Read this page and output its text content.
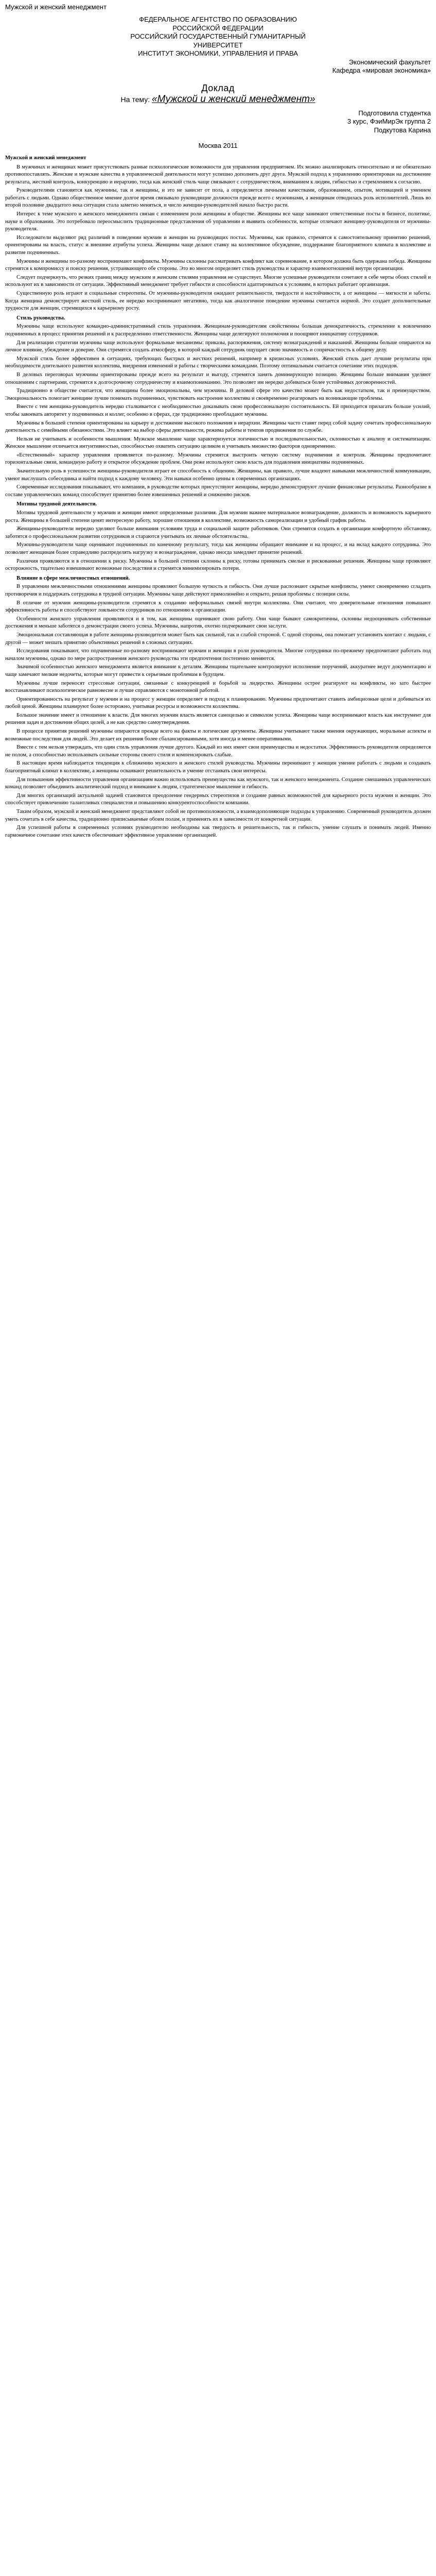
Мужской и женский менеджмент
ФЕДЕРАЛЬНОЕ АГЕНТСТВО ПО ОБРАЗОВАНИЮ
РОССИЙСКОЙ ФЕДЕРАЦИИ
РОССИЙСКИЙ ГОСУДАРСТВЕННЫЙ ГУМАНИТАРНЫЙ
УНИВЕРСИТЕТ
ИНСТИТУТ ЭКОНОМИКИ, УПРАВЛЕНИЯ И ПРАВА
Экономический факультет
Кафедра «мировая экономика»
Доклад
На тему: «Мужской и женский менеджмент»
Подготовила студентка
3 курс, ФэиМирЭк группа 2
Подкутова Карина
Москва 2011
Мужской и женский менеджмент

В мужчинах и женщинах может присутствовать разные психологические возможности для управления предприятием. Их можно анализировать относительно и не обязательно противопоставлять. Женские и мужские качества в управленческой деятельности могут успешно дополнять друг друга. Мужской подход к управлению ориентирован на достижение результата, жесткий контроль, конкуренцию и иерархию, тогда как женский стиль чаще связывают с сотрудничеством, вниманием к людям, гибкостью и стремлением к согласию.

Руководителями становятся как мужчины, так и женщины, и это не зависит от пола, а определяется личными качествами, образованием, опытом, мотивацией и умением работать с людьми. Однако общественное мнение долгое время связывало руководящие должности прежде всего с мужчинами, а женщинам отводилась роль исполнителей. Лишь во второй половине двадцатого века ситуация стала заметно меняться, и число женщин-руководителей начало быстро расти.

Интерес к теме мужского и женского менеджмента связан с изменением роли женщины в обществе. Женщины все чаще занимают ответственные посты в бизнесе, политике, науке и образовании. Это потребовало переосмыслить традиционные представления об управлении и выявить особенности, которые отличают женщину-руководителя от мужчины-руководителя.

Исследователи выделяют ряд различий в поведении мужчин и женщин на руководящих постах. Мужчины, как правило, стремятся к самостоятельному принятию решений, ориентированы на власть, статус и внешние атрибуты успеха. Женщины чаще делают ставку на коллективное обсуждение, поддержание благоприятного климата в коллективе и развитие подчиненных.

Мужчины и женщины по-разному воспринимают конфликты. Мужчины склонны рассматривать конфликт как соревнование, в котором должна быть одержана победа. Женщины стремятся к компромиссу и поиску решения, устраивающего обе стороны. Это во многом определяет стиль руководства и характер взаимоотношений внутри организации.

Следует подчеркнуть, что резких границ между мужским и женским стилями управления не существует. Многие успешные руководители сочетают в себе черты обоих стилей и используют их в зависимости от ситуации. Эффективный менеджмент требует гибкости и способности адаптироваться к условиям, в которых работает организация.

Существенную роль играют и социальные стереотипы. От мужчины-руководителя ожидают решительности, твердости и настойчивости, а от женщины — мягкости и заботы. Когда женщина демонстрирует жесткий стиль, ее нередко воспринимают негативно, тогда как аналогичное поведение мужчины считается нормой. Это создает дополнительные трудности для женщин, стремящихся к карьерному росту.

Стиль руководства.

Мужчины чаще используют командно-административный стиль управления. Женщинам-руководителям свойственны большая демократичность, стремление к вовлечению подчиненных в процесс принятия решений и к распределению ответственности. Женщины чаще делегируют полномочия и поощряют инициативу сотрудников.

Для реализации стратегии мужчины чаще используют формальные механизмы: приказы, распоряжения, систему вознаграждений и наказаний. Женщины больше опираются на личное влияние, убеждение и доверие. Они стремятся создать атмосферу, в которой каждый сотрудник ощущает свою значимость и сопричастность к общему делу.

Мужской стиль более эффективен в ситуациях, требующих быстрых и жестких решений, например в кризисных условиях. Женский стиль дает лучшие результаты при необходимости длительного развития коллектива, внедрения изменений и работы с творческими командами. Поэтому оптимальным считается сочетание этих подходов.

В деловых переговорах мужчины ориентированы прежде всего на результат и выгоду, стремятся занять доминирующую позицию. Женщины больше внимания уделяют отношениям с партнерами, стремятся к долгосрочному сотрудничеству и взаимопониманию. Это позволяет им нередко добиваться более устойчивых договоренностей.

Традиционно в обществе считается, что женщины более эмоциональны, чем мужчины. В деловой сфере это качество может быть как недостатком, так и преимуществом. Эмоциональность помогает женщине лучше понимать подчиненных, чувствовать настроение коллектива и своевременно реагировать на возникающие проблемы.

Вместе с тем женщина-руководитель нередко сталкивается с необходимостью доказывать свою профессиональную состоятельность. Ей приходится прилагать больше усилий, чтобы завоевать авторитет у подчиненных и коллег, особенно в сферах, где традиционно преобладают мужчины.

Мужчины в большей степени ориентированы на карьеру и достижение высокого положения в иерархии. Женщины часто ставят перед собой задачу сочетать профессиональную деятельность с семейными обязанностями. Это влияет на выбор сферы деятельности, режима работы и темпов продвижения по службе.

Нельзя не учитывать и особенности мышления. Мужское мышление чаще характеризуется логичностью и последовательностью, склонностью к анализу и систематизации. Женское мышление отличается интуитивностью, способностью охватить ситуацию целиком и учитывать множество факторов одновременно.

«Естественный» характер управления проявляется по-разному. Мужчины стремятся выстроить четкую систему подчинения и контроля. Женщины предпочитают горизонтальные связи, командную работу и открытое обсуждение проблем. Они реже используют свою власть для подавления инициативы подчиненных.

Значительную роль в успешности женщины-руководителя играет ее способность к общению. Женщины, как правило, лучше владеют навыками межличностной коммуникации, умеют выслушать собеседника и найти подход к каждому человеку. Эти навыки особенно ценны в современных организациях.

Современные исследования показывают, что компании, в руководстве которых присутствуют женщины, нередко демонстрируют лучшие финансовые результаты. Разнообразие в составе управленческих команд способствует принятию более взвешенных решений и снижению рисков.

Мотивы трудовой деятельности.

Мотивы трудовой деятельности у мужчин и женщин имеют определенные различия. Для мужчин важнее материальное вознаграждение, должность и возможность карьерного роста. Женщины в большей степени ценят интересную работу, хорошие отношения в коллективе, возможность самореализации и удобный график работы.

Женщины-руководители нередко уделяют больше внимания условиям труда и социальной защите работников. Они стремятся создать в организации комфортную обстановку, заботятся о профессиональном развитии сотрудников и стараются учитывать их личные обстоятельства.

Мужчины-руководители чаще оценивают подчиненных по конечному результату, тогда как женщины обращают внимание и на процесс, и на вклад каждого сотрудника. Это позволяет женщинам более справедливо распределять нагрузку и вознаграждение, однако иногда замедляет принятие решений.

Различия проявляются и в отношении к риску. Мужчины в большей степени склонны к риску, готовы принимать смелые и рискованные решения. Женщины чаще проявляют осторожность, тщательно взвешивают возможные последствия и стремятся минимизировать потери.

Влияние в сфере межличностных отношений.

В управлении межличностными отношениями женщины проявляют большую чуткость и гибкость. Они лучше распознают скрытые конфликты, умеют своевременно сгладить противоречия и поддержать сотрудника в трудной ситуации. Мужчины чаще действуют прямолинейно и открыто, решая проблемы с позиции силы.

В отличие от мужчин женщины-руководители стремятся к созданию неформальных связей внутри коллектива. Они считают, что доверительные отношения повышают эффективность работы и способствуют лояльности сотрудников по отношению к организации.

Особенности женского управления проявляются и в том, как женщины оценивают свою работу. Они чаще бывают самокритичны, склонны недооценивать собственные достижения и меньше заботятся о демонстрации своего успеха. Мужчины, напротив, охотно подчеркивают свои заслуги.

Эмоциональная составляющая в работе женщины-руководителя может быть как сильной, так и слабой стороной. С одной стороны, она помогает установить контакт с людьми, с другой — может мешать принятию объективных решений в сложных ситуациях.

Исследования показывают, что подчиненные по-разному воспринимают мужчин и женщин в роли руководителя. Многие сотрудники по-прежнему предпочитают работать под началом мужчины, однако по мере распространения женского руководства эти предпочтения постепенно меняются.

Значимой особенностью женского менеджмента является внимание к деталям. Женщины тщательнее контролируют исполнение поручений, аккуратнее ведут документацию и чаще замечают мелкие недочеты, которые могут привести к серьезным проблемам в будущем.

Мужчины лучше переносят стрессовые ситуации, связанные с конкуренцией и борьбой за лидерство. Женщины острее реагируют на конфликты, но зато быстрее восстанавливают психологическое равновесие и лучше справляются с монотонной работой.

Ориентированность на результат у мужчин и на процесс у женщин определяет и подход к планированию. Мужчины предпочитают ставить амбициозные цели и добиваться их любой ценой. Женщины планируют более осторожно, учитывая ресурсы и возможности коллектива.

Большое значение имеет и отношение к власти. Для многих мужчин власть является самоцелью и символом успеха. Женщины чаще воспринимают власть как инструмент для решения задач и достижения общих целей, а не как средство самоутверждения.

В процессе принятия решений мужчины опираются прежде всего на факты и логические аргументы. Женщины учитывают также мнения окружающих, моральные аспекты и возможные последствия для людей. Это делает их решения более сбалансированными, хотя иногда и менее оперативными.

Вместе с тем нельзя утверждать, что один стиль управления лучше другого. Каждый из них имеет свои преимущества и недостатки. Эффективность руководителя определяется не полом, а способностью использовать сильные стороны своего стиля и компенсировать слабые.

В настоящее время наблюдается тенденция к сближению мужского и женского стилей руководства. Мужчины перенимают у женщин умение работать с людьми и создавать благоприятный климат в коллективе, а женщины осваивают решительность и умение отстаивать свои интересы.

Для повышения эффективности управления организациям важно использовать преимущества как мужского, так и женского менеджмента. Создание смешанных управленческих команд позволяет объединить аналитический подход и внимание к людям, стратегическое мышление и гибкость.

Для многих организаций актуальной задачей становится преодоление гендерных стереотипов и создание равных возможностей для карьерного роста мужчин и женщин. Это способствует привлечению талантливых специалистов и повышению конкурентоспособности компании.

Таким образом, мужской и женский менеджмент представляют собой не противоположности, а взаимодополняющие подходы к управлению. Современный руководитель должен уметь сочетать в себе качества, традиционно приписываемые обоим полам, и применять их в зависимости от конкретной ситуации.

Для успешной работы в современных условиях руководителю необходимы как твердость и решительность, так и гибкость, умение слушать и понимать людей. Именно гармоничное сочетание этих качеств обеспечивает эффективное управление организацией.
